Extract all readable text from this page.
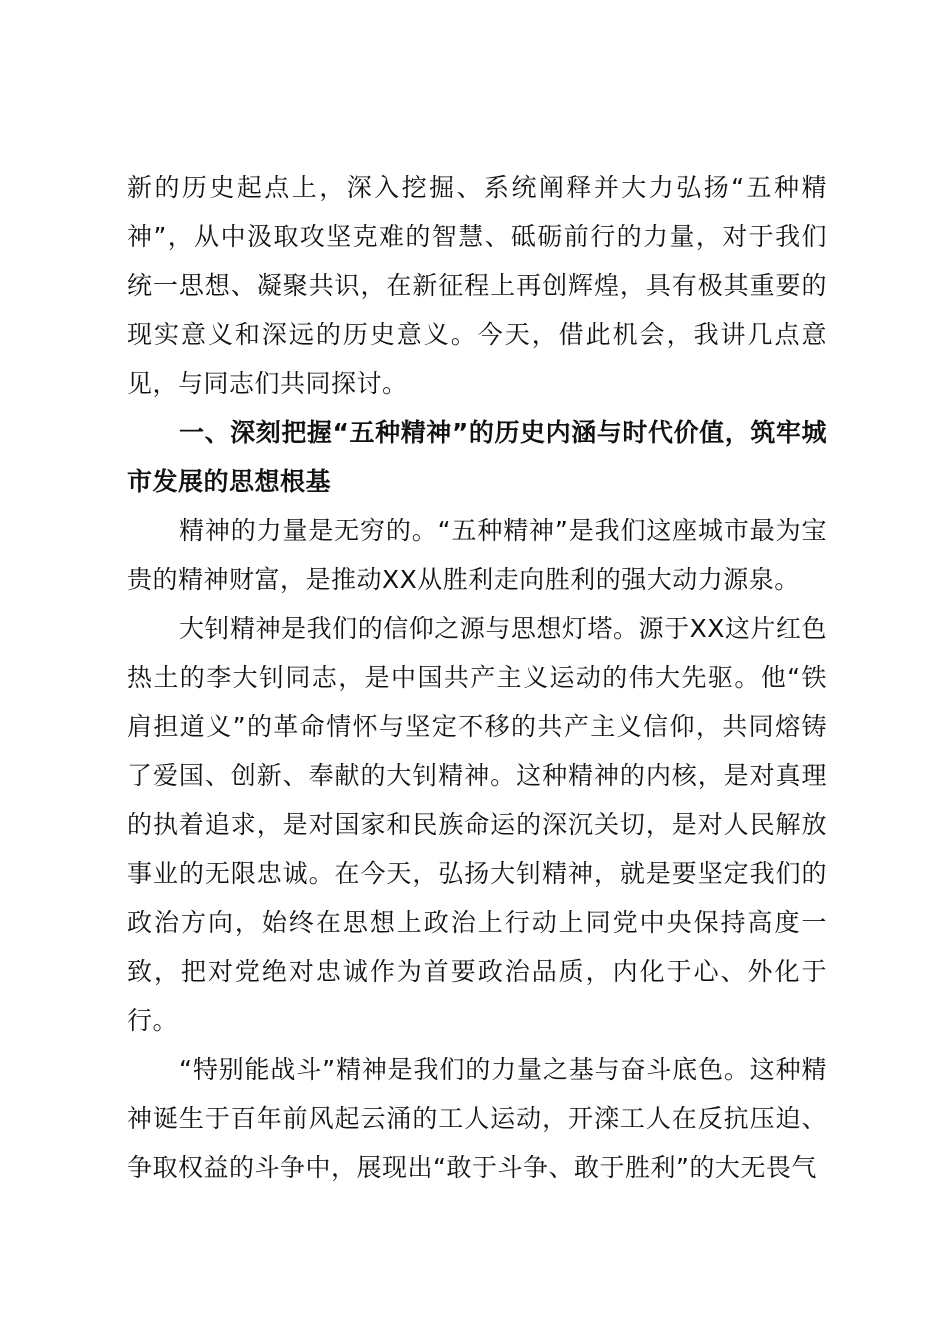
新的历史起点上，深入挖掘、系统阐释并大力弘扬“五种精神”，从中汲取攻坚克难的智慧、砥砺前行的力量，对于我们统一思想、凝聚共识，在新征程上再创辉煌，具有极其重要的现实意义和深远的历史意义。今天，借此机会，我讲几点意见，与同志们共同探讨。

一、深刻把握“五种精神”的历史内涵与时代价值，筑牢城市发展的思想根基

精神的力量是无穷的。“五种精神”是我们这座城市最为宝贵的精神财富，是推动XX从胜利走向胜利的强大动力源泉。

大钊精神是我们的信仰之源与思想灯塔。源于XX这片红色热土的李大钊同志，是中国共产主义运动的伟大先驱。他“铁肩担道义”的革命情怀与坚定不移的共产主义信仰，共同熔铸了爱国、创新、奉献的大钊精神。这种精神的内核，是对真理的执着追求，是对国家和民族命运的深沉关切，是对人民解放事业的无限忠诚。在今天，弘扬大钊精神，就是要坚定我们的政治方向，始终在思想上政治上行动上同党中央保持高度一致，把对党绝对忠诚作为首要政治品质，内化于心、外化于行。

“特别能战斗”精神是我们的力量之基与奋斗底色。这种精神诞生于百年前风起云涌的工人运动，开滦工人在反抗压迫、争取权益的斗争中，展现出“敢于斗争、敢于胜利”的大无畏气
